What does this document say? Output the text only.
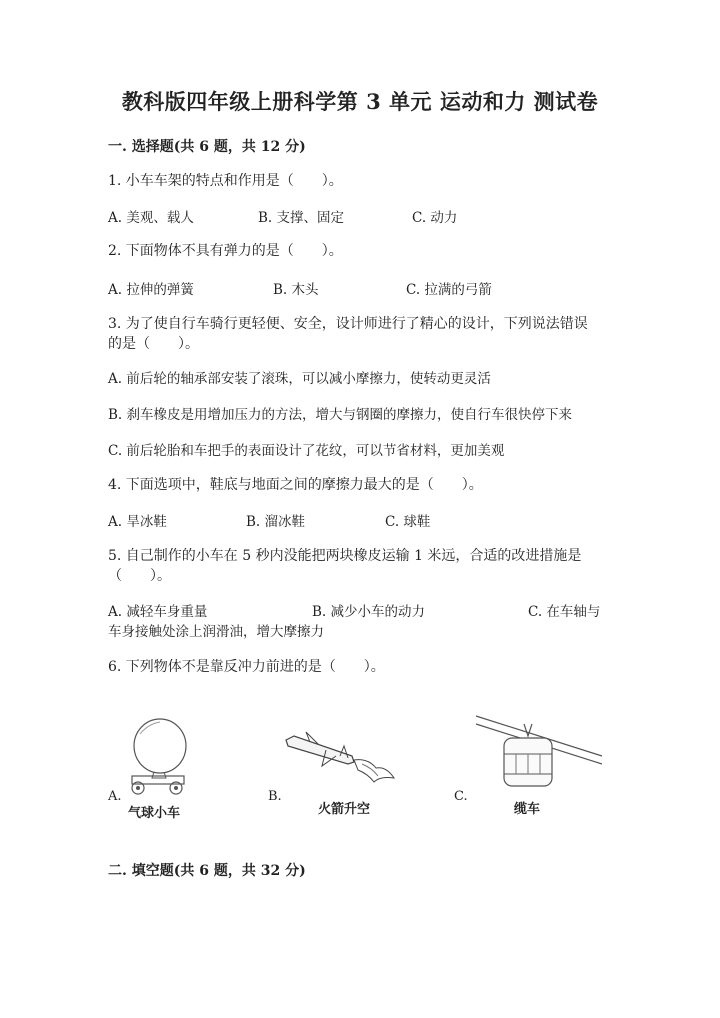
教科版四年级上册科学第 3 单元 运动和力 测试卷
一. 选择题(共 6 题，共 12 分)
1. 小车车架的特点和作用是（　　）。
A. 美观、载人	B. 支撑、固定	C. 动力
2. 下面物体不具有弹力的是（　　）。
A. 拉伸的弹簧	B. 木头	C. 拉满的弓箭
3. 为了使自行车骑行更轻便、安全，设计师进行了精心的设计，下列说法错误
的是（　　）。
A. 前后轮的轴承部安装了滚珠，可以减小摩擦力，使转动更灵活
B. 刹车橡皮是用增加压力的方法，增大与钢圈的摩擦力，使自行车很快停下来
C. 前后轮胎和车把手的表面设计了花纹，可以节省材料，更加美观
4. 下面选项中，鞋底与地面之间的摩擦力最大的是（　　）。
A. 旱冰鞋	B. 溜冰鞋	C. 球鞋
5. 自己制作的小车在 5 秒内没能把两块橡皮运输 1 米远，合适的改进措施是
（　　）。
A. 减轻车身重量	B. 减少小车的动力	C. 在车轴与
车身接触处涂上润滑油，增大摩擦力
6. 下列物体不是靠反冲力前进的是（　　）。
A.
气球小车
B.
火箭升空
C.
缆车
二. 填空题(共 6 题，共 32 分)
